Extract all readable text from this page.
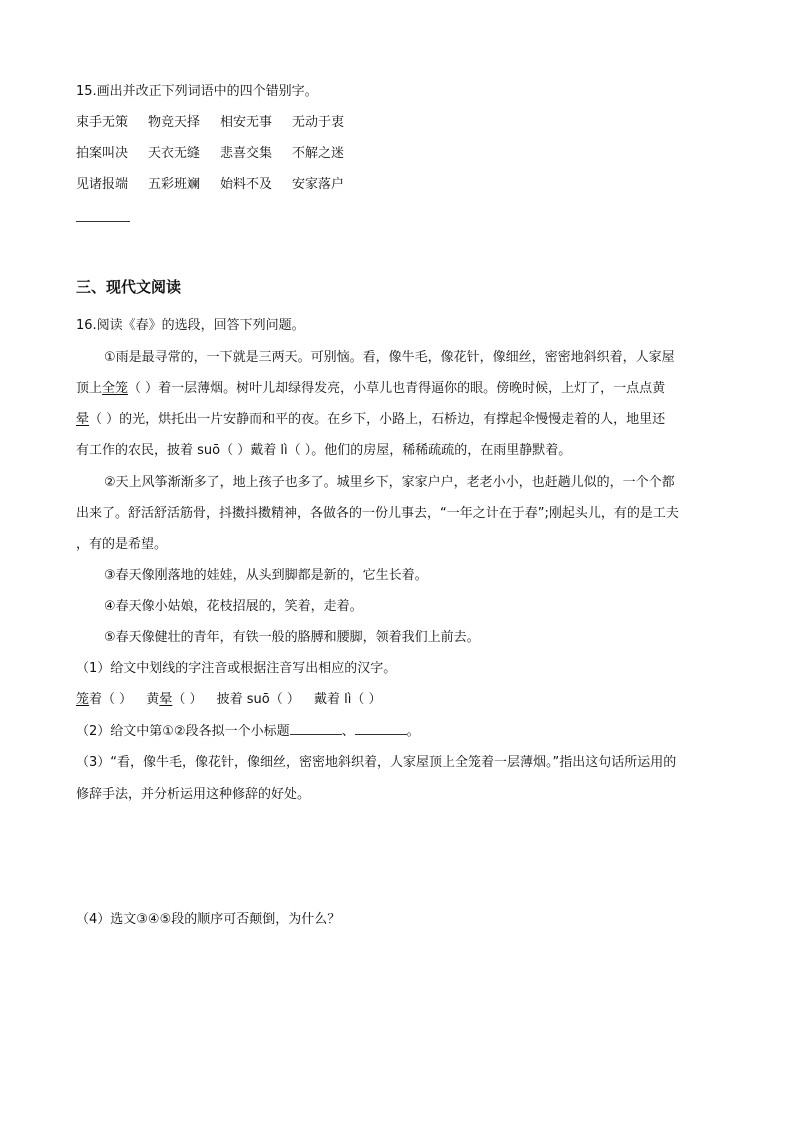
15.画出并改正下列词语中的四个错别字。
束手无策	物竞天择	相安无事	无动于衷
拍案叫决	天衣无缝	悲喜交集	不解之迷
见诸报端	五彩班斓	始料不及	安家落户
三、现代文阅读
16.阅读《春》的选段，回答下列问题。
①雨是最寻常的，一下就是三两天。可别恼。看，像牛毛，像花针，像细丝，密密地斜织着，人家屋
顶上全笼（ ）着一层薄烟。树叶儿却绿得发亮，小草儿也青得逼你的眼。傍晚时候，上灯了，一点点黄
晕（ ）的光，烘托出一片安静而和平的夜。在乡下，小路上，石桥边，有撑起伞慢慢走着的人，地里还
有工作的农民，披着 suō（ ）戴着 lì（ ）。他们的房屋，稀稀疏疏的，在雨里静默着。
②天上风筝渐渐多了，地上孩子也多了。城里乡下，家家户户，老老小小，也赶趟儿似的，一个个都
出来了。舒活舒活筋骨，抖擞抖擞精神，各做各的一份儿事去，“一年之计在于春”;刚起头儿，有的是工夫
，有的是希望。
③春天像刚落地的娃娃，从头到脚都是新的，它生长着。
④春天像小姑娘，花枝招展的，笑着，走着。
⑤春天像健壮的青年，有铁一般的胳膊和腰脚，领着我们上前去。
（1）给文中划线的字注音或根据注音写出相应的汉字。
笼着（ ） 黄晕（ ） 披着 suō（ ） 戴着 lì（ ）
（2）给文中第①②段各拟一个小标题	、	。
（3）“看，像牛毛，像花针，像细丝，密密地斜织着，人家屋顶上全笼着一层薄烟。”指出这句话所运用的
修辞手法，并分析运用这种修辞的好处。
（4）选文③④⑤段的顺序可否颠倒，为什么？
